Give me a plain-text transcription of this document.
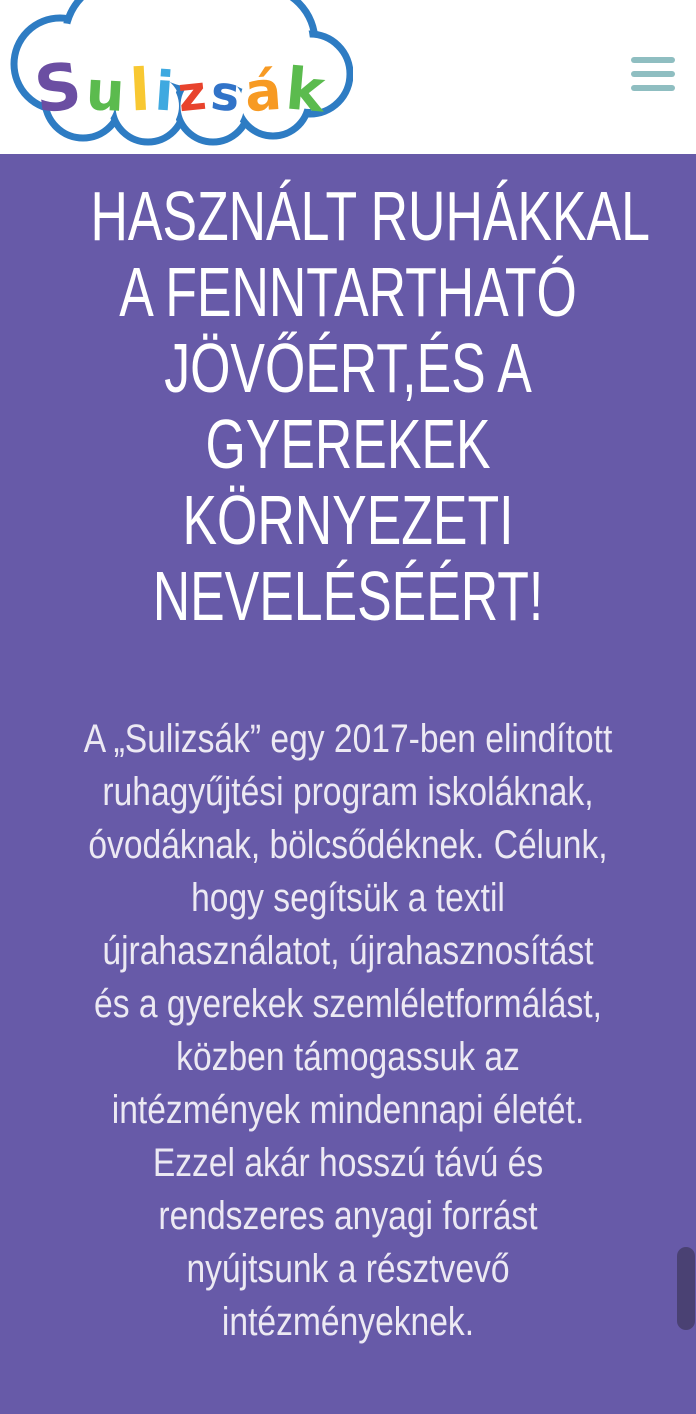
S u l i z s á k
HASZNÁLT RUHÁKKAL
A FENNTARTHATÓ
JÖVŐÉRT,ÉS A
GYEREKEK
KÖRNYEZETI
NEVELÉSÉÉRT!
A „Sulizsák” egy 2017-ben elindított
ruhagyűjtési program iskoláknak,
óvodáknak, bölcsődéknek. Célunk,
hogy segítsük a textil
újrahasználatot, újrahasznosítást
és a gyerekek szemléletformálást,
közben támogassuk az
intézmények mindennapi életét.
Ezzel akár hosszú távú és
rendszeres anyagi forrást
nyújtsunk a résztvevő
intézményeknek.
